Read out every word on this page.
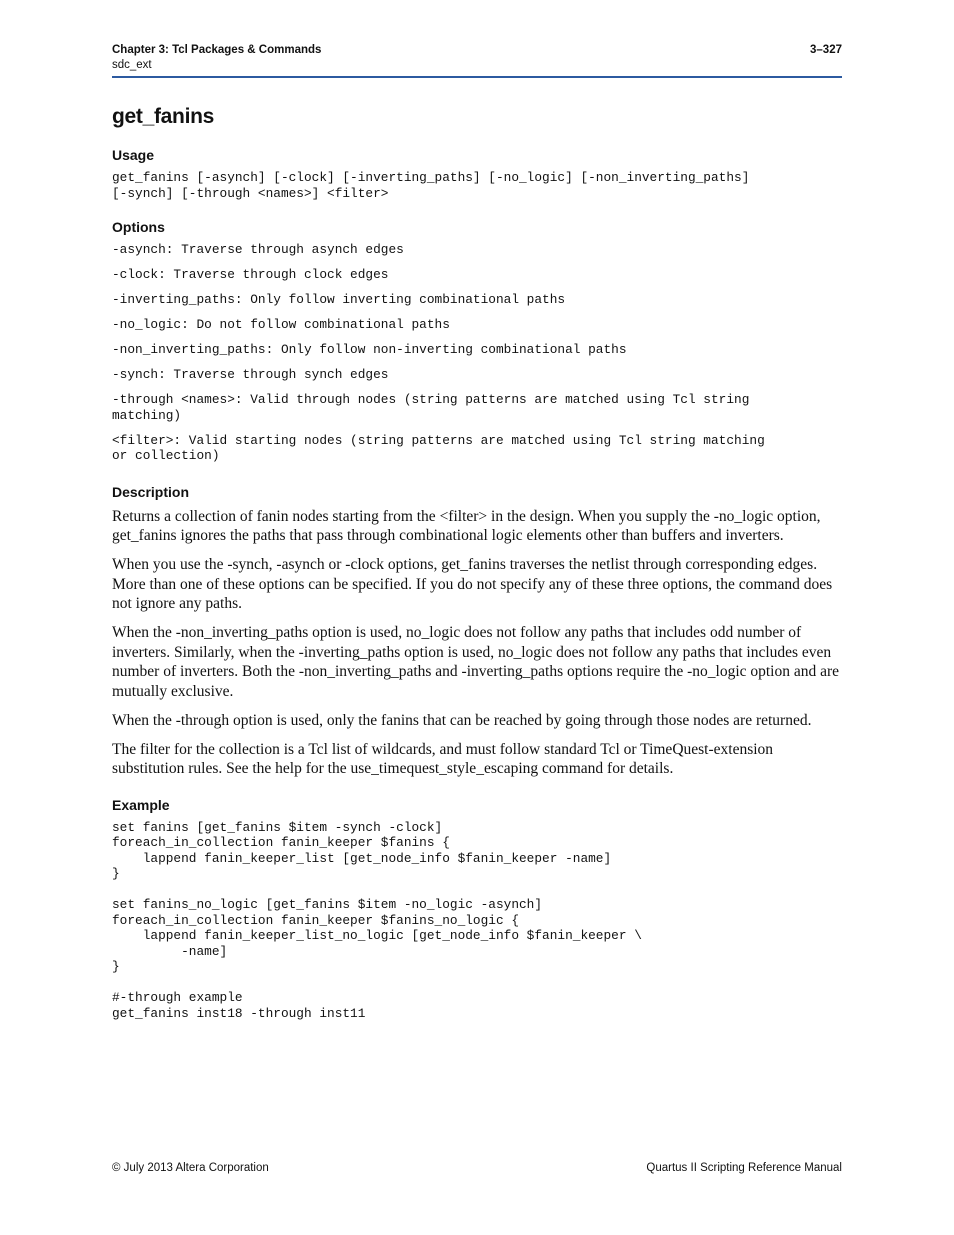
Chapter 3: Tcl Packages & Commands
sdc_ext
3–327
get_fanins
Usage
get_fanins [-asynch] [-clock] [-inverting_paths] [-no_logic] [-non_inverting_paths]
[-synch] [-through <names>] <filter>
Options
-asynch: Traverse through asynch edges
-clock: Traverse through clock edges
-inverting_paths: Only follow inverting combinational paths
-no_logic: Do not follow combinational paths
-non_inverting_paths: Only follow non-inverting combinational paths
-synch: Traverse through synch edges
-through <names>: Valid through nodes (string patterns are matched using Tcl string
matching)
<filter>: Valid starting nodes (string patterns are matched using Tcl string matching
or collection)
Description

Returns a collection of fanin nodes starting from the <filter> in the design. When you supply the -no_logic option, get_fanins ignores the paths that pass through combinational logic elements other than buffers and inverters.

When you use the -synch, -asynch or -clock options, get_fanins traverses the netlist through corresponding edges. More than one of these options can be specified. If you do not specify any of these three options, the command does not ignore any paths.

When the -non_inverting_paths option is used, no_logic does not follow any paths that includes odd number of inverters. Similarly, when the -inverting_paths option is used, no_logic does not follow any paths that includes even number of inverters. Both the -non_inverting_paths and -inverting_paths options require the -no_logic option and are mutually exclusive.

When the -through option is used, only the fanins that can be reached by going through those nodes are returned.

The filter for the collection is a Tcl list of wildcards, and must follow standard Tcl or TimeQuest-extension substitution rules. See the help for the use_timequest_style_escaping command for details.

Example
set fanins [get_fanins $item -synch -clock]
foreach_in_collection fanin_keeper $fanins {
lappend fanin_keeper_list [get_node_info $fanin_keeper -name]
}

set fanins_no_logic [get_fanins $item -no_logic -asynch]
foreach_in_collection fanin_keeper $fanins_no_logic {
lappend fanin_keeper_list_no_logic [get_node_info $fanin_keeper \
-name]
}

#-through example
get_fanins inst18 -through inst11
© July 2013 Altera Corporation	Quartus II Scripting Reference Manual
